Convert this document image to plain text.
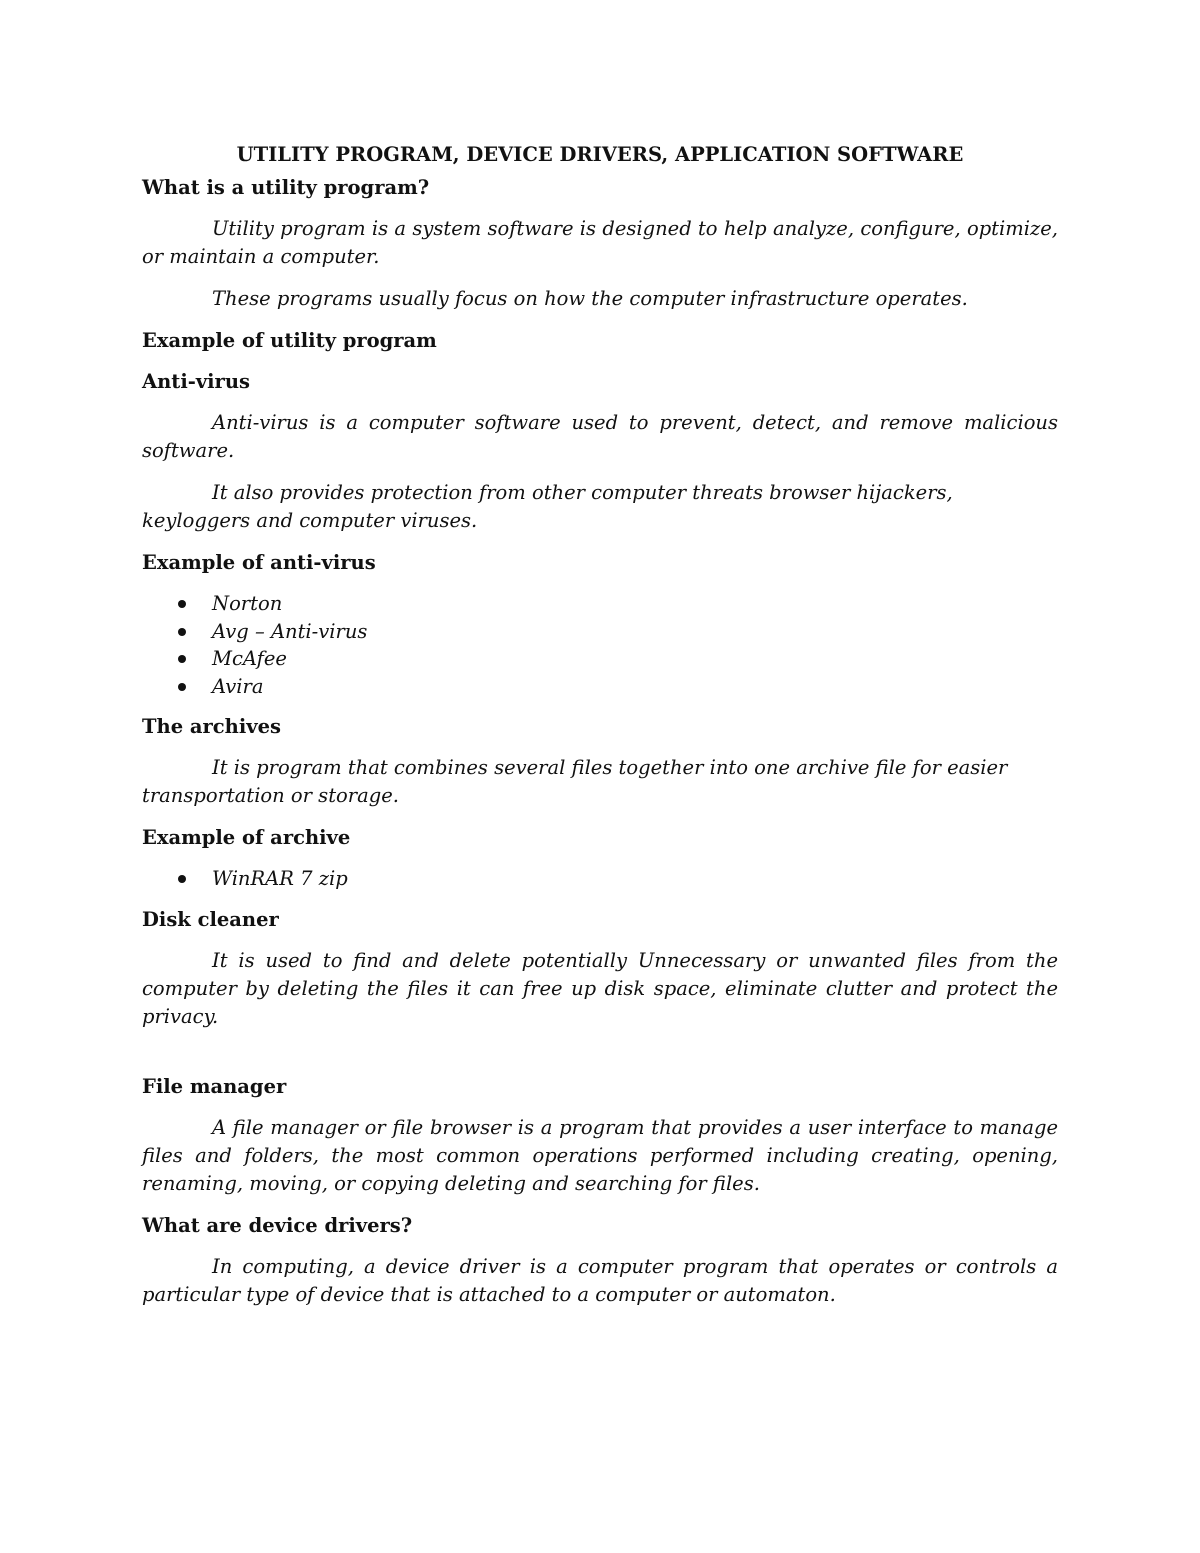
UTILITY PROGRAM, DEVICE DRIVERS, APPLICATION SOFTWARE
What is a utility program?

Utility program is a system software is designed to help analyze, configure, optimize, or maintain a computer.

These programs usually focus on how the computer infrastructure operates.

Example of utility program
Anti-virus

Anti-virus is a computer software used to prevent, detect, and remove malicious software.

It also provides protection from other computer threats browser hijackers, keyloggers and computer viruses.

Example of anti-virus
Norton
Avg – Anti-virus
McAfee
Avira
The archives

It is program that combines several files together into one archive file for easier transportation or storage.

Example of archive
WinRAR 7 zip
Disk cleaner

It is used to find and delete potentially Unnecessary or unwanted files from the computer by deleting the files it can free up disk space, eliminate clutter and protect the privacy.

File manager

A file manager or file browser is a program that provides a user interface to manage files and folders, the most common operations performed including creating, opening, renaming, moving, or copying deleting and searching for files.

What are device drivers?

In computing, a device driver is a computer program that operates or controls a particular type of device that is attached to a computer or automaton.
